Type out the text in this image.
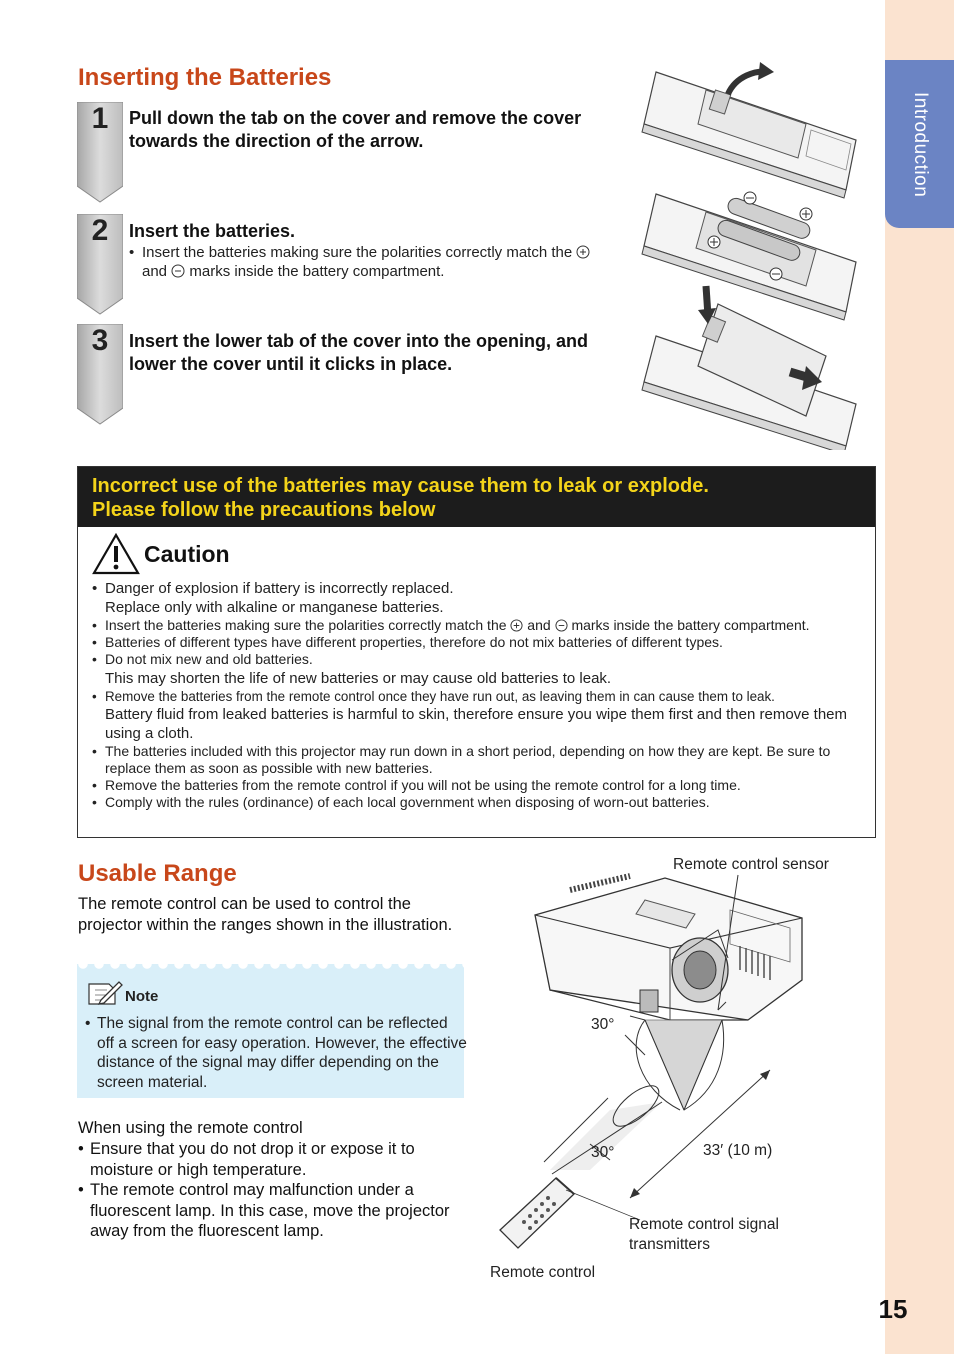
Introduction
15
Inserting the Batteries
1
2
3
Pull down the tab on the cover and remove the cover towards the direction of the arrow.
Insert the batteries.
• Insert the batteries making sure the polarities correctly match the  and marks inside the battery compartment.
Insert the lower tab of the cover into the opening, and lower the cover until it clicks in place.
Incorrect use of the batteries may cause them to leak or explode.
Please follow the precautions below
Caution
• Danger of explosion if battery is incorrectly replaced.
Replace only with alkaline or manganese batteries.
• Insert the batteries making sure the polarities correctly match the and marks inside the battery compartment.
• Batteries of different types have different properties, therefore do not mix batteries of different types.
• Do not mix new and old batteries.
This may shorten the life of new batteries or may cause old batteries to leak.
• Remove the batteries from the remote control once they have run out, as leaving them in can cause them to leak.
Battery fluid from leaked batteries is harmful to skin, therefore ensure you wipe them first and then remove them using a cloth.
• The batteries included with this projector may run down in a short period, depending on how they are kept. Be sure to replace them as soon as possible with new batteries.
• Remove the batteries from the remote control if you will not be using the remote control for a long time.
• Comply with the rules (ordinance) of each local government when disposing of worn-out batteries.
Usable Range
The remote control can be used to control the projector within the ranges shown in the illustration.
Note
• The signal from the remote control can be reflected off a screen for easy operation. However, the effective distance of the signal may differ depending on the screen material.
When using the remote control
• Ensure that you do not drop it or expose it to moisture or high temperature.
• The remote control may malfunction under a fluorescent lamp. In this case, move the projector away from the fluorescent lamp.
Remote control sensor
30°
30°	33′ (10 m)
Remote control signal transmitters
Remote control
